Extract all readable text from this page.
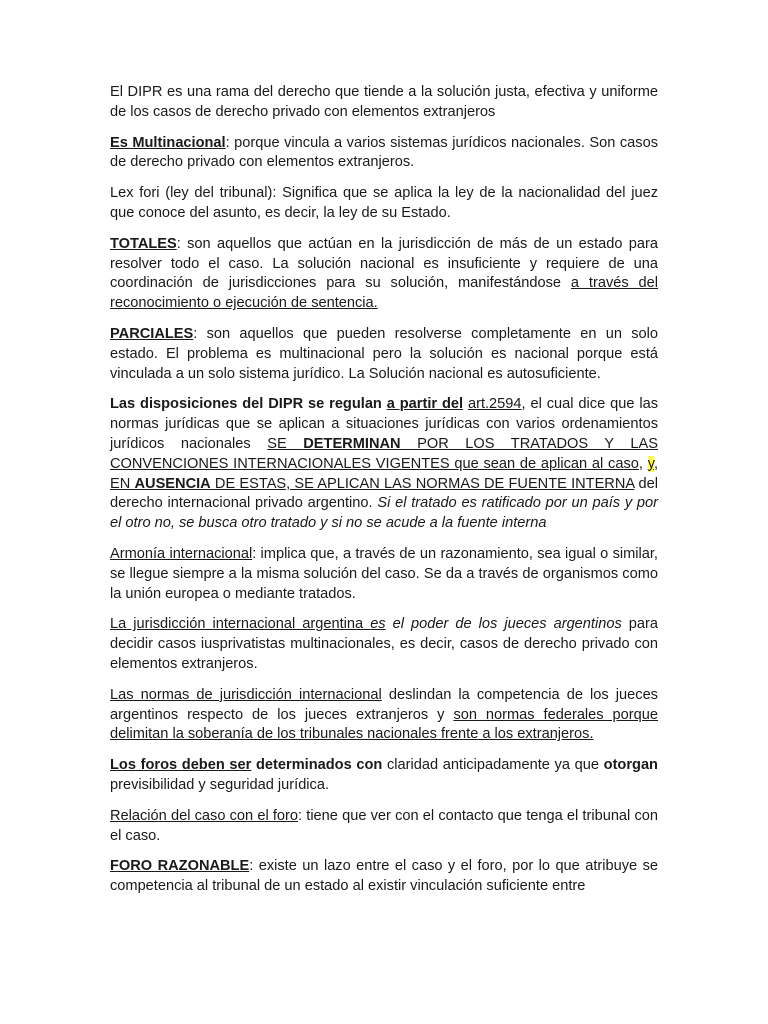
El DIPR es una rama del derecho que tiende a la solución justa, efectiva y uniforme de los casos de derecho privado con elementos extranjeros

Es Multinacional: porque vincula a varios sistemas jurídicos nacionales. Son casos de derecho privado con elementos extranjeros.

Lex fori (ley del tribunal): Significa que se aplica la ley de la nacionalidad del juez que conoce del asunto, es decir, la ley de su Estado.

TOTALES: son aquellos que actúan en la jurisdicción de más de un estado para resolver todo el caso. La solución nacional es insuficiente y requiere de una coordinación de jurisdicciones para su solución, manifestándose a través del reconocimiento o ejecución de sentencia.

PARCIALES: son aquellos que pueden resolverse completamente en un solo estado. El problema es multinacional pero la solución es nacional porque está vinculada a un solo sistema jurídico. La Solución nacional es autosuficiente.

Las disposiciones del DIPR se regulan a partir del art.2594, el cual dice que las normas jurídicas que se aplican a situaciones jurídicas con varios ordenamientos jurídicos nacionales SE DETERMINAN POR LOS TRATADOS Y LAS CONVENCIONES INTERNACIONALES VIGENTES que sean de aplican al caso, y, EN AUSENCIA DE ESTAS, SE APLICAN LAS NORMAS DE FUENTE INTERNA del derecho internacional privado argentino. Si el tratado es ratificado por un país y por el otro no, se busca otro tratado y si no se acude a la fuente interna

Armonía internacional: implica que, a través de un razonamiento, sea igual o similar, se llegue siempre a la misma solución del caso. Se da a través de organismos como la unión europea o mediante tratados.

La jurisdicción internacional argentina es el poder de los jueces argentinos para decidir casos iusprivatistas multinacionales, es decir, casos de derecho privado con elementos extranjeros.

Las normas de jurisdicción internacional deslindan la competencia de los jueces argentinos respecto de los jueces extranjeros y son normas federales porque delimitan la soberanía de los tribunales nacionales frente a los extranjeros.

Los foros deben ser determinados con claridad anticipadamente ya que otorgan previsibilidad y seguridad jurídica.

Relación del caso con el foro: tiene que ver con el contacto que tenga el tribunal con el caso.

FORO RAZONABLE: existe un lazo entre el caso y el foro, por lo que atribuye se competencia al tribunal de un estado al existir vinculación suficiente entre
